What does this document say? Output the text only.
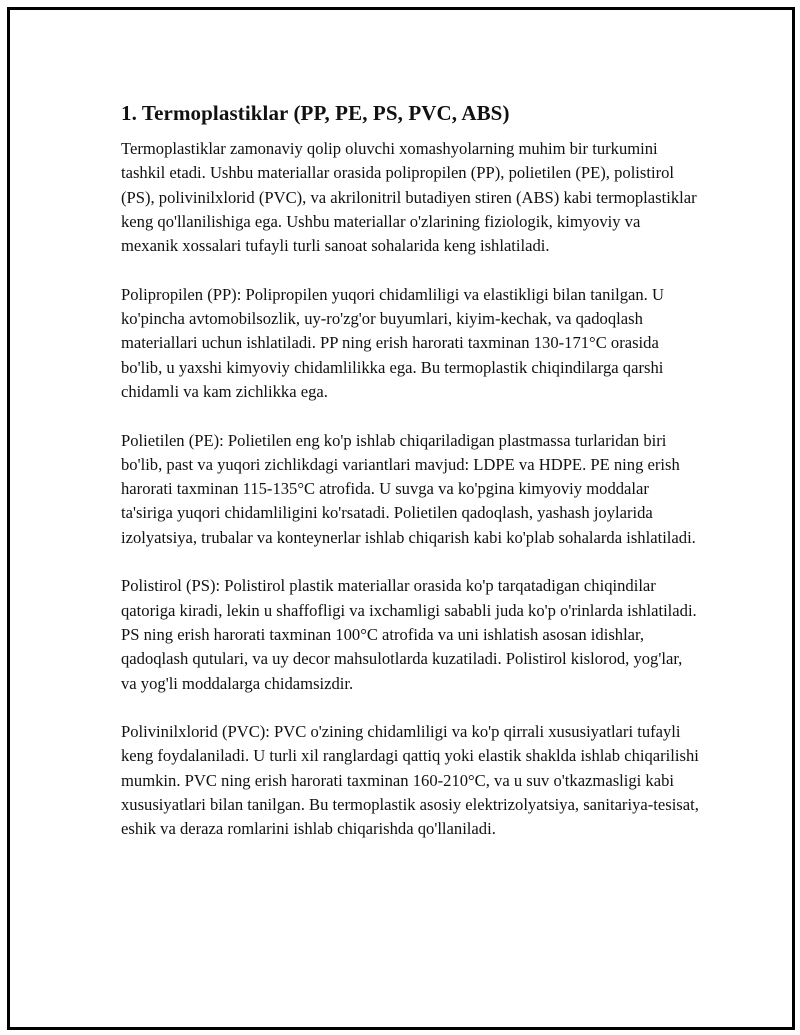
1. Termoplastiklar (PP, PE, PS, PVC, ABS)

Termoplastiklar zamonaviy qolip oluvchi xomashyolarning muhim bir turkumini tashkil etadi. Ushbu materiallar orasida polipropilen (PP), polietilen (PE), polistirol (PS), polivinilxlorid (PVC), va akrilonitril butadiyen stiren (ABS) kabi termoplastiklar keng qo'llanilishiga ega. Ushbu materiallar o'zlarining fiziologik, kimyoviy va mexanik xossalari tufayli turli sanoat sohalarida keng ishlatiladi.

Polipropilen (PP): Polipropilen yuqori chidamliligi va elastikligi bilan tanilgan. U ko'pincha avtomobilsozlik, uy-ro'zg'or buyumlari, kiyim-kechak, va qadoqlash materiallari uchun ishlatiladi. PP ning erish harorati taxminan 130-171°C orasida bo'lib, u yaxshi kimyoviy chidamlilikka ega. Bu termoplastik chiqindilarga qarshi chidamli va kam zichlikka ega.

Polietilen (PE): Polietilen eng ko'p ishlab chiqariladigan plastmassa turlaridan biri bo'lib, past va yuqori zichlikdagi variantlari mavjud: LDPE va HDPE. PE ning erish harorati taxminan 115-135°C atrofida. U suvga va ko'pgina kimyoviy moddalar ta'siriga yuqori chidamliligini ko'rsatadi. Polietilen qadoqlash, yashash joylarida izolyatsiya, trubalar va konteynerlar ishlab chiqarish kabi ko'plab sohalarda ishlatiladi.

Polistirol (PS): Polistirol plastik materiallar orasida ko'p tarqatadigan chiqindilar qatoriga kiradi, lekin u shaffofligi va ixchamligi sababli juda ko'p o'rinlarda ishlatiladi. PS ning erish harorati taxminan 100°C atrofida va uni ishlatish asosan idishlar, qadoqlash qutulari, va uy decor mahsulotlarda kuzatiladi. Polistirol kislorod, yog'lar, va yog'li moddalarga chidamsizdir.

Polivinilxlorid (PVC): PVC o'zining chidamliligi va ko'p qirrali xususiyatlari tufayli keng foydalaniladi. U turli xil ranglardagi qattiq yoki elastik shaklda ishlab chiqarilishi mumkin. PVC ning erish harorati taxminan 160-210°C, va u suv o'tkazmasligi kabi xususiyatlari bilan tanilgan. Bu termoplastik asosiy elektrizolyatsiya, sanitariya-tesisat, eshik va deraza romlarini ishlab chiqarishda qo'llaniladi.
